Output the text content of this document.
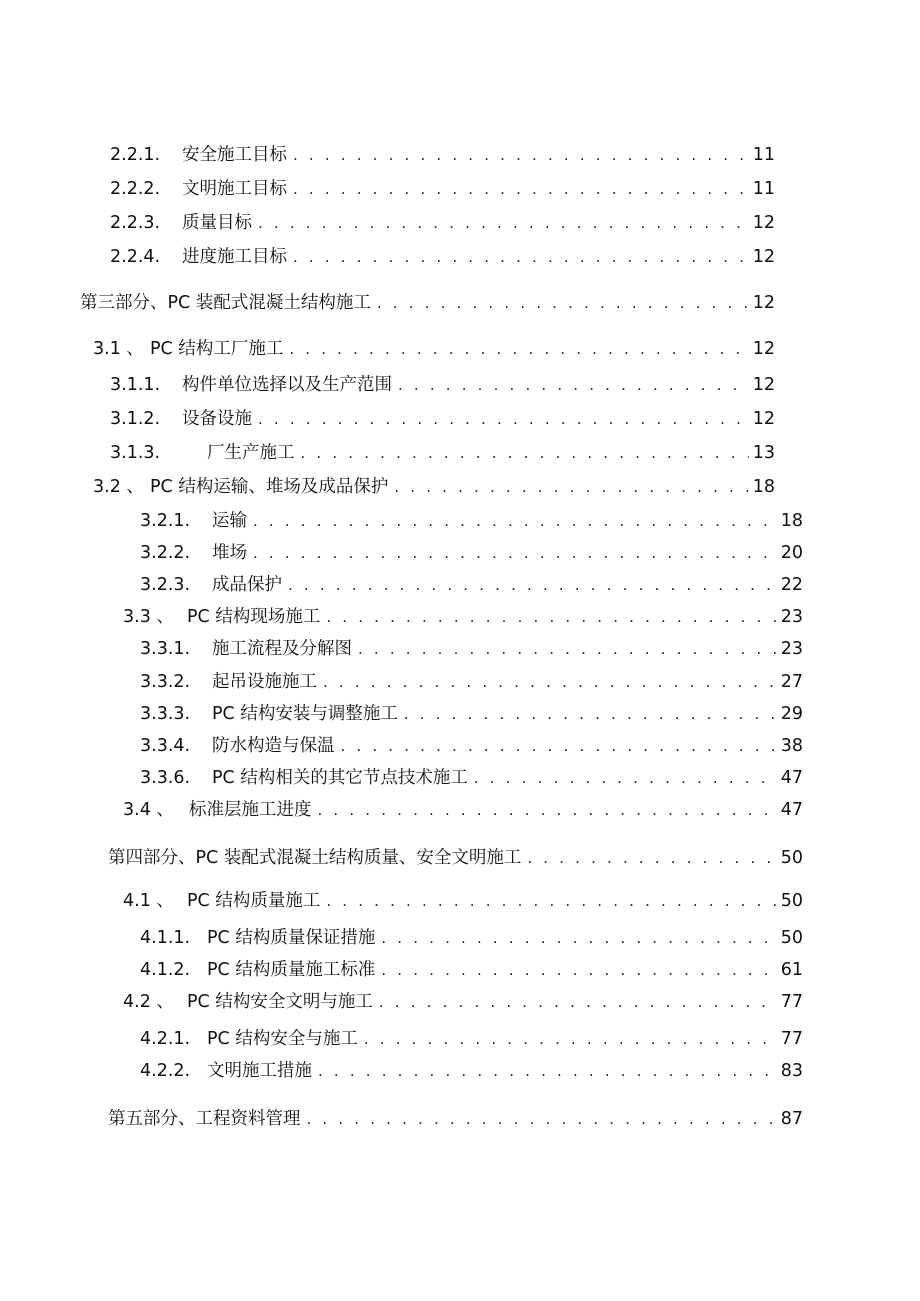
2.2.1.	安全施工目标 . . .	11
2.2.2.	文明施工目标 . . .	11
2.2.3.	质量目标 . . .	12
2.2.4.	进度施工目标 . . .	12
第三部分、PC 装配式混凝土结构施工 . . .	12
3.1 、 PC 结构工厂施工 . . .	12
3.1.1.	构件单位选择以及生产范围 . . .	12
3.1.2.	设备设施 . . .	12
3.1.3.	厂生产施工 . . .	13
3.2 、 PC 结构运输、堆场及成品保护 . . .	18
3.2.1.	运输 . . .	18
3.2.2.	堆场 . . .	20
3.2.3.	成品保护 . . .	22
3.3 、 PC 结构现场施工 . . .	23
3.3.1.	施工流程及分解图 . . .	23
3.3.2.	起吊设施施工 . . .	27
3.3.3.	PC 结构安装与调整施工 . . .	29
3.3.4.	防水构造与保温 . . .	38
3.3.6.	PC 结构相关的其它节点技术施工 . . .	47
3.4 、 标准层施工进度 . . .	47
第四部分、PC 装配式混凝土结构质量、安全文明施工 . . .	50
4.1 、 PC 结构质量施工 . . .	50
4.1.1. PC 结构质量保证措施 . . .	50
4.1.2. PC 结构质量施工标准 . . .	61
4.2 、 PC 结构安全文明与施工 . . .	77
4.2.1. PC 结构安全与施工 . . .	77
4.2.2. 文明施工措施 . . .	83
第五部分、工程资料管理 . . .	87
